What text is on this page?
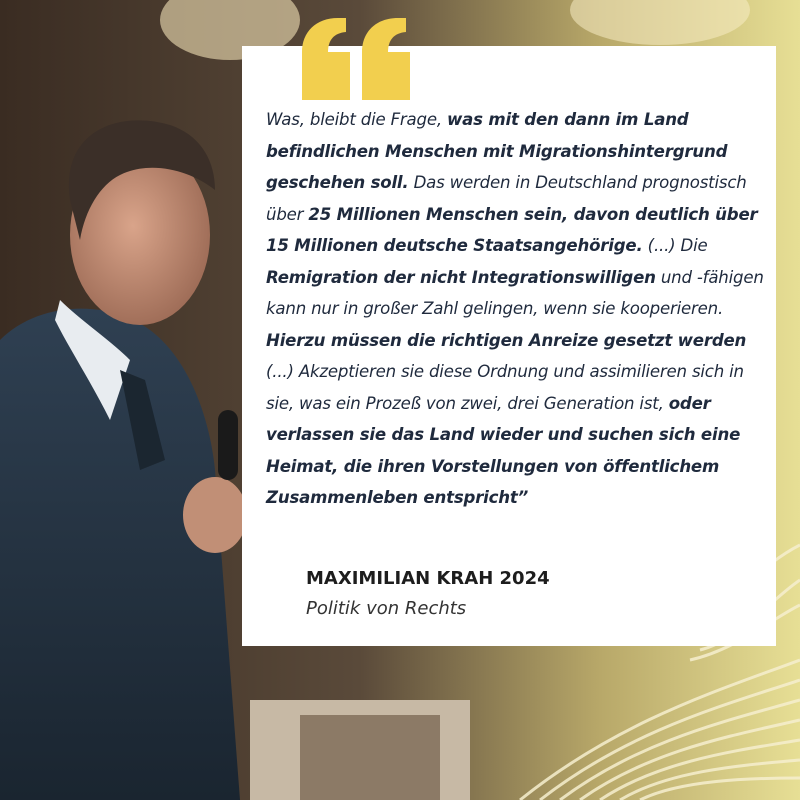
Was, bleibt die Frage, was mit den dann im Land befindlichen Menschen mit Migrationshintergrund geschehen soll. Das werden in Deutschland prognostisch über 25 Millionen Menschen sein, davon deutlich über 15 Millionen deutsche Staatsangehörige. (...) Die Remigration der nicht Integrationswilligen und -fähigen kann nur in großer Zahl gelingen, wenn sie kooperieren. Hierzu müssen die richtigen Anreize gesetzt werden (...) Akzeptieren sie diese Ordnung und assimilieren sich in sie, was ein Prozeß von zwei, drei Generation ist, oder verlassen sie das Land wieder und suchen sich eine Heimat, die ihren Vorstellungen von öffentlichem Zusammenleben entspricht”
MAXIMILIAN KRAH 2024
Politik von Rechts
